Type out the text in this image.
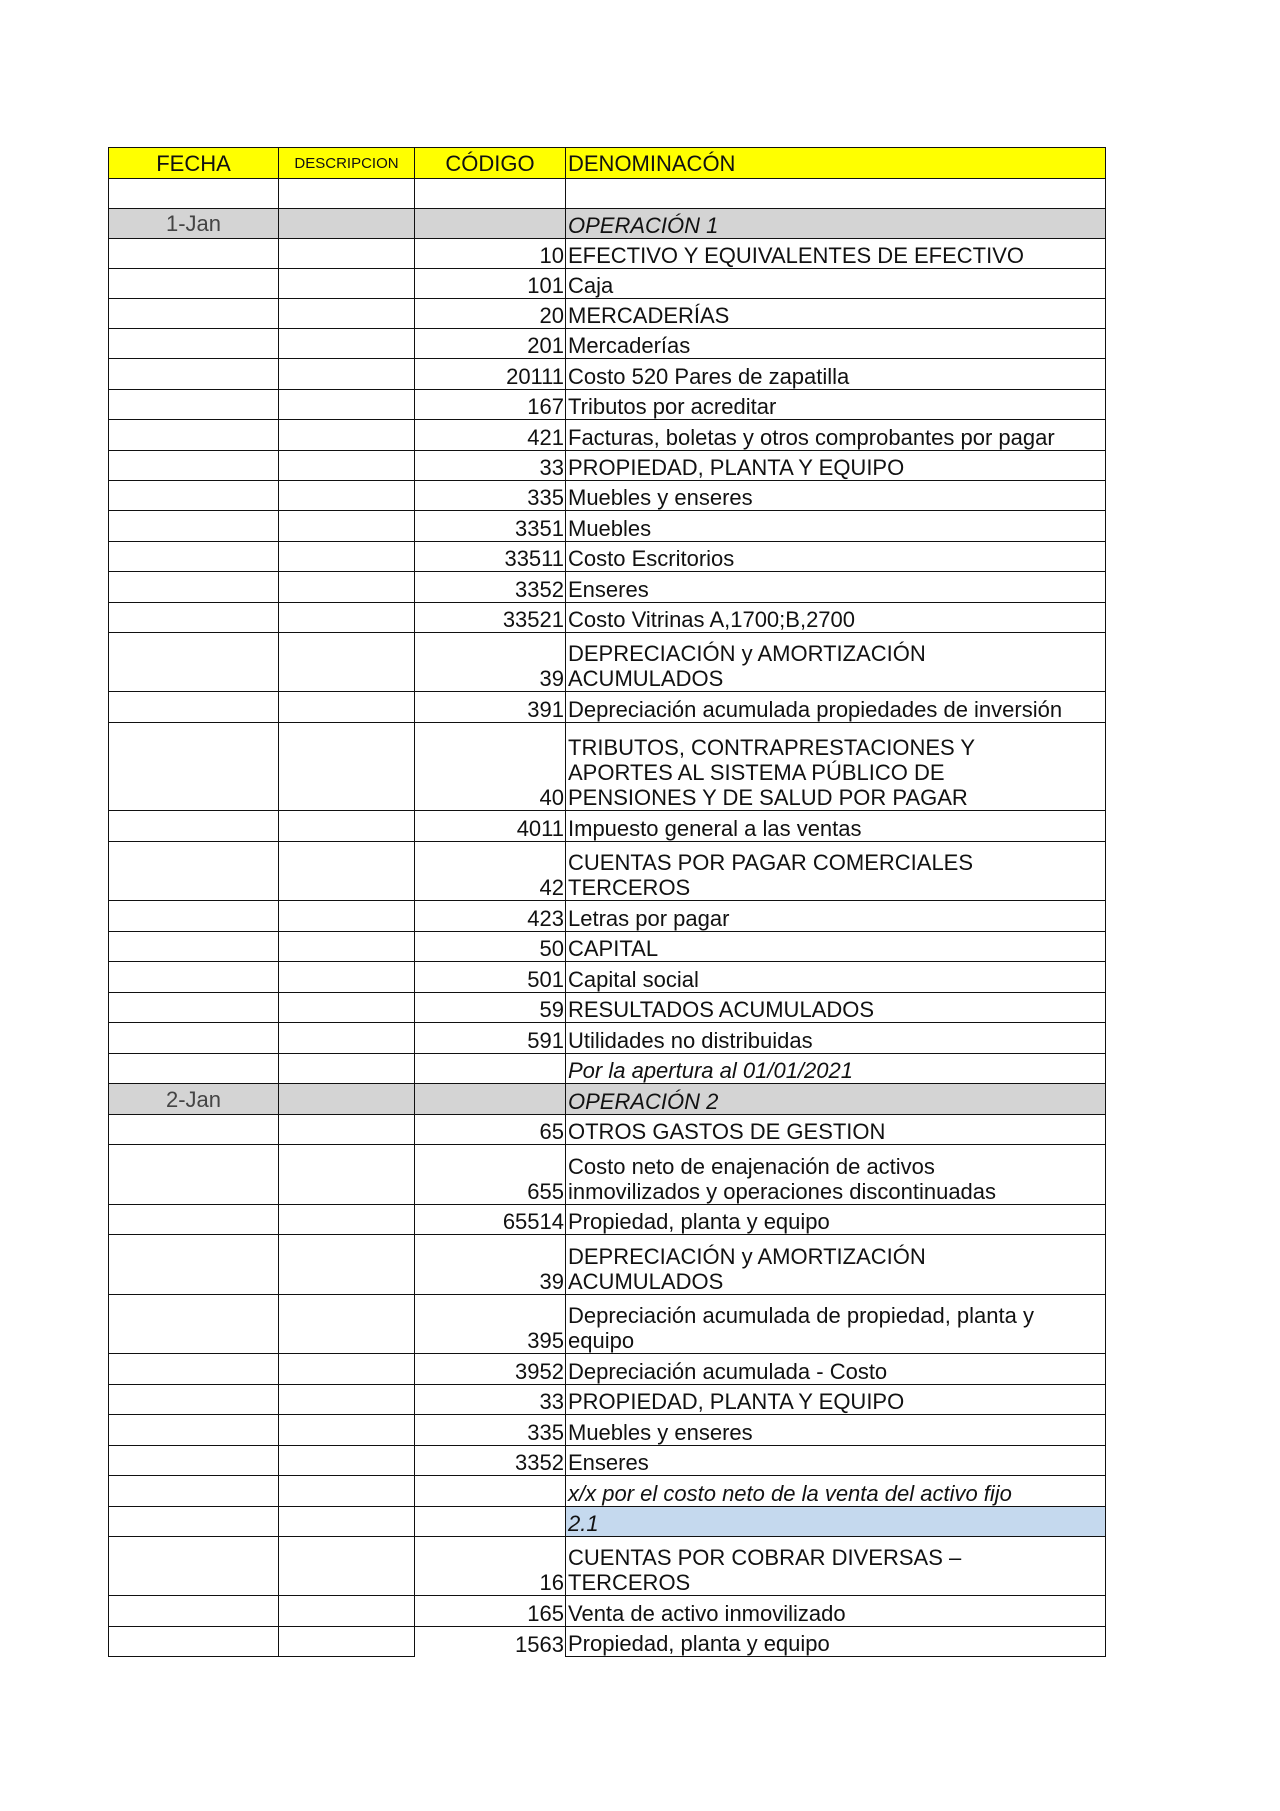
FECHA	DESCRIPCION	CÓDIGO	DENOMINACÓN

1-Jan			OPERACIÓN 1
		10	EFECTIVO Y EQUIVALENTES DE EFECTIVO
		101	Caja
		20	MERCADERÍAS
		201	Mercaderías
		20111	Costo 520 Pares de zapatilla
		167	Tributos por acreditar
		421	Facturas, boletas y otros comprobantes por pagar
		33	PROPIEDAD, PLANTA Y EQUIPO
		335	Muebles y enseres
		3351	Muebles
		33511	Costo Escritorios
		3352	Enseres
		33521	Costo Vitrinas A,1700;B,2700
		39	DEPRECIACIÓN y AMORTIZACIÓN
ACUMULADOS
		391	Depreciación acumulada propiedades de inversión
		40	TRIBUTOS, CONTRAPRESTACIONES Y
APORTES AL SISTEMA PÚBLICO DE
PENSIONES Y DE SALUD POR PAGAR
		4011	Impuesto general a las ventas
		42	CUENTAS POR PAGAR COMERCIALES
TERCEROS
		423	Letras por pagar
		50	CAPITAL
		501	Capital social
		59	RESULTADOS ACUMULADOS
		591	Utilidades no distribuidas
			Por la apertura al 01/01/2021
2-Jan			OPERACIÓN 2
		65	OTROS GASTOS DE GESTION
		655	Costo neto de enajenación de activos
inmovilizados y operaciones discontinuadas
		65514	Propiedad, planta y equipo
		39	DEPRECIACIÓN y AMORTIZACIÓN
ACUMULADOS
		395	Depreciación acumulada de propiedad, planta y
equipo
		3952	Depreciación acumulada - Costo
		33	PROPIEDAD, PLANTA Y EQUIPO
		335	Muebles y enseres
		3352	Enseres
			x/x por el costo neto de la venta del activo fijo
			2.1
		16	CUENTAS POR COBRAR DIVERSAS –
TERCEROS
		165	Venta de activo inmovilizado
		1563	Propiedad, planta y equipo
